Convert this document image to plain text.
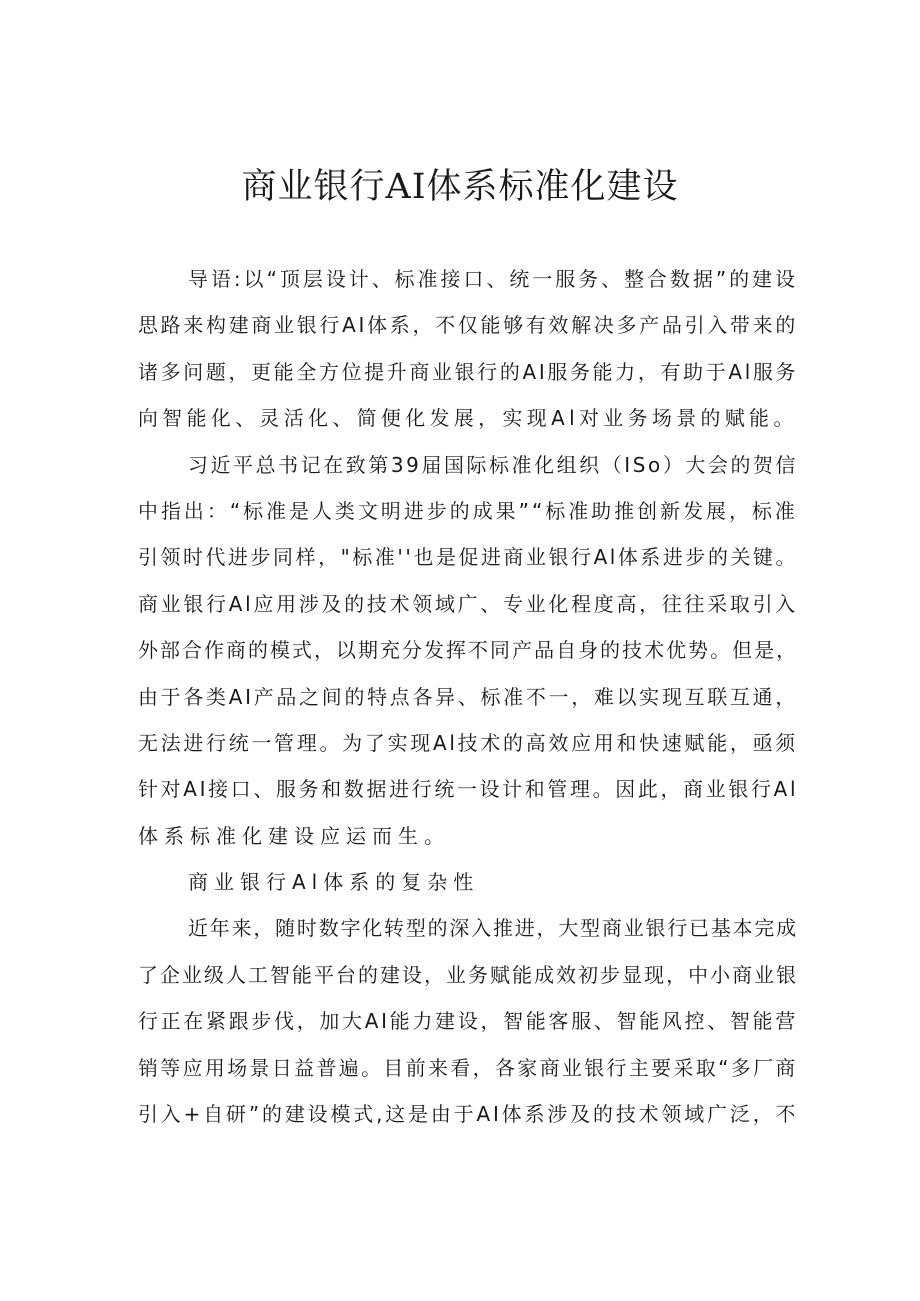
商业银行AI体系标准化建设
导语:以“顶层设计、标准接口、统一服务、整合数据”的建设
思路来构建商业银行AI体系，不仅能够有效解决多产品引入带来的
诸多问题，更能全方位提升商业银行的AI服务能力，有助于Al服务
向智能化、灵活化、简便化发展，实现Al对业务场景的赋能。
习近平总书记在致第39届国际标准化组织（ISo）大会的贺信
中指出：“标准是人类文明进步的成果”“标准助推创新发展，标准
引领时代进步同样，"标准''也是促进商业银行Al体系进步的关键。
商业银行Al应用涉及的技术领域广、专业化程度高，往往采取引入
外部合作商的模式，以期充分发挥不同产品自身的技术优势。但是，
由于各类AI产品之间的特点各异、标准不一，难以实现互联互通，
无法进行统一管理。为了实现Al技术的高效应用和快速赋能，亟须
针对AI接口、服务和数据进行统一设计和管理。因此，商业银行Al
体系标准化建设应运而生。
商业银行Al体系的复杂性
近年来，随时数字化转型的深入推进，大型商业银行已基本完成
了企业级人工智能平台的建设，业务赋能成效初步显现，中小商业银
行正在紧跟步伐，加大AI能力建设，智能客服、智能风控、智能营
销等应用场景日益普遍。目前来看，各家商业银行主要采取“多厂商
引入+自研”的建设模式,这是由于AI体系涉及的技术领域广泛，不
